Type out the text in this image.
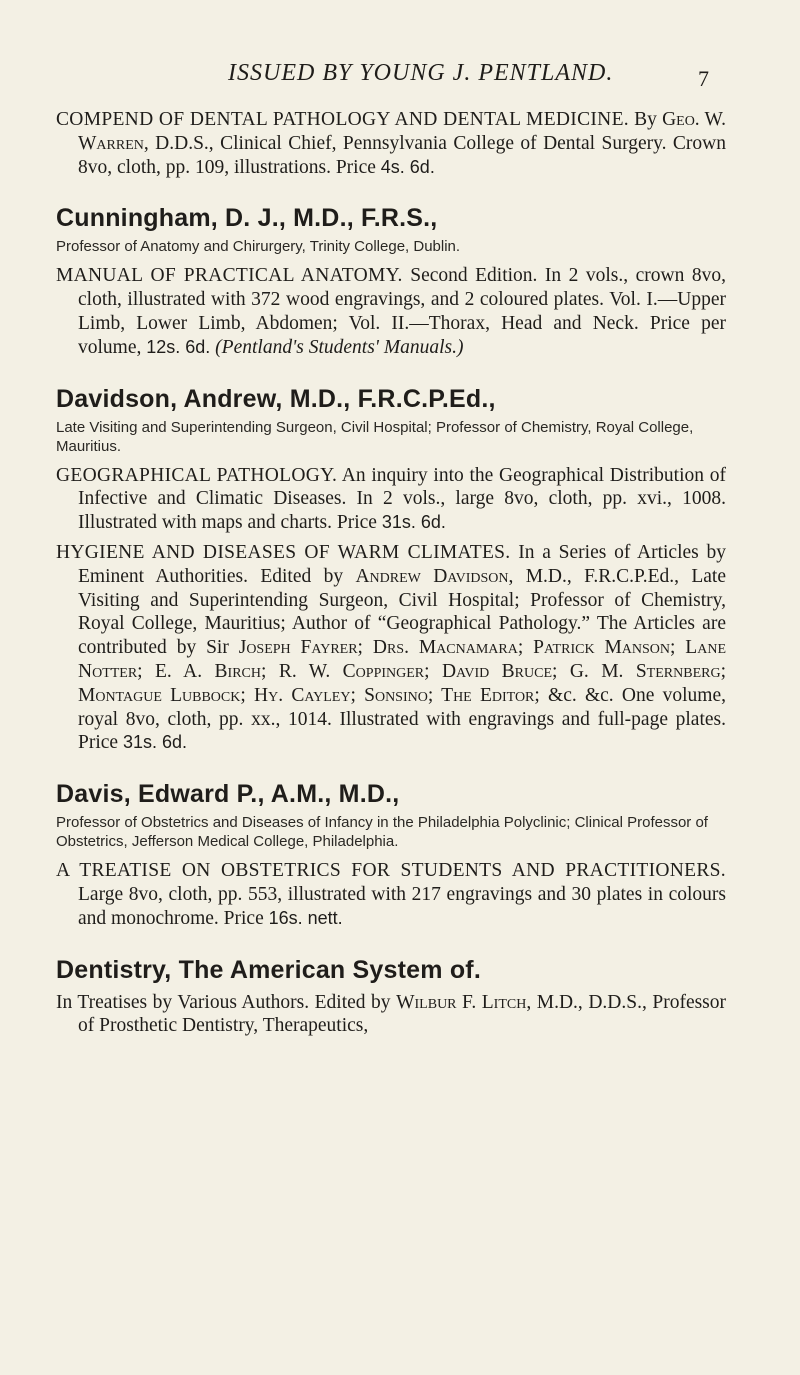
ISSUED BY YOUNG J. PENTLAND.	7

COMPEND OF DENTAL PATHOLOGY AND DENTAL MEDICINE. By Geo. W. Warren, D.D.S., Clinical Chief, Pennsylvania College of Dental Surgery. Crown 8vo, cloth, pp. 109, illustrations. Price 4s. 6d.

Cunningham, D. J., M.D., F.R.S.,
Professor of Anatomy and Chirurgery, Trinity College, Dublin.

MANUAL OF PRACTICAL ANATOMY. Second Edition. In 2 vols., crown 8vo, cloth, illustrated with 372 wood engravings, and 2 coloured plates. Vol. I.—Upper Limb, Lower Limb, Abdomen; Vol. II.—Thorax, Head and Neck. Price per volume, 12s. 6d. (Pentland's Students' Manuals.)

Davidson, Andrew, M.D., F.R.C.P.Ed.,
Late Visiting and Superintending Surgeon, Civil Hospital; Professor of Chemistry, Royal College, Mauritius.

GEOGRAPHICAL PATHOLOGY. An inquiry into the Geographical Distribution of Infective and Climatic Diseases. In 2 vols., large 8vo, cloth, pp. xvi., 1008. Illustrated with maps and charts. Price 31s. 6d.

HYGIENE AND DISEASES OF WARM CLIMATES. In a Series of Articles by Eminent Authorities. Edited by Andrew Davidson, M.D., F.R.C.P.Ed., Late Visiting and Superintending Surgeon, Civil Hospital; Professor of Chemistry, Royal College, Mauritius; Author of “Geographical Pathology.” The Articles are contributed by Sir Joseph Fayrer; Drs. Macnamara; Patrick Manson; Lane Notter; E. A. Birch; R. W. Coppinger; David Bruce; G. M. Sternberg; Montague Lubbock; Hy. Cayley; Sonsino; The Editor; &c. &c. One volume, royal 8vo, cloth, pp. xx., 1014. Illustrated with engravings and full-page plates. Price 31s. 6d.

Davis, Edward P., A.M., M.D.,
Professor of Obstetrics and Diseases of Infancy in the Philadelphia Polyclinic; Clinical Professor of Obstetrics, Jefferson Medical College, Philadelphia.

A TREATISE ON OBSTETRICS FOR STUDENTS AND PRACTITIONERS. Large 8vo, cloth, pp. 553, illustrated with 217 engravings and 30 plates in colours and monochrome. Price 16s. nett.

Dentistry, The American System of.

In Treatises by Various Authors. Edited by Wilbur F. Litch, M.D., D.D.S., Professor of Prosthetic Dentistry, Therapeutics,
